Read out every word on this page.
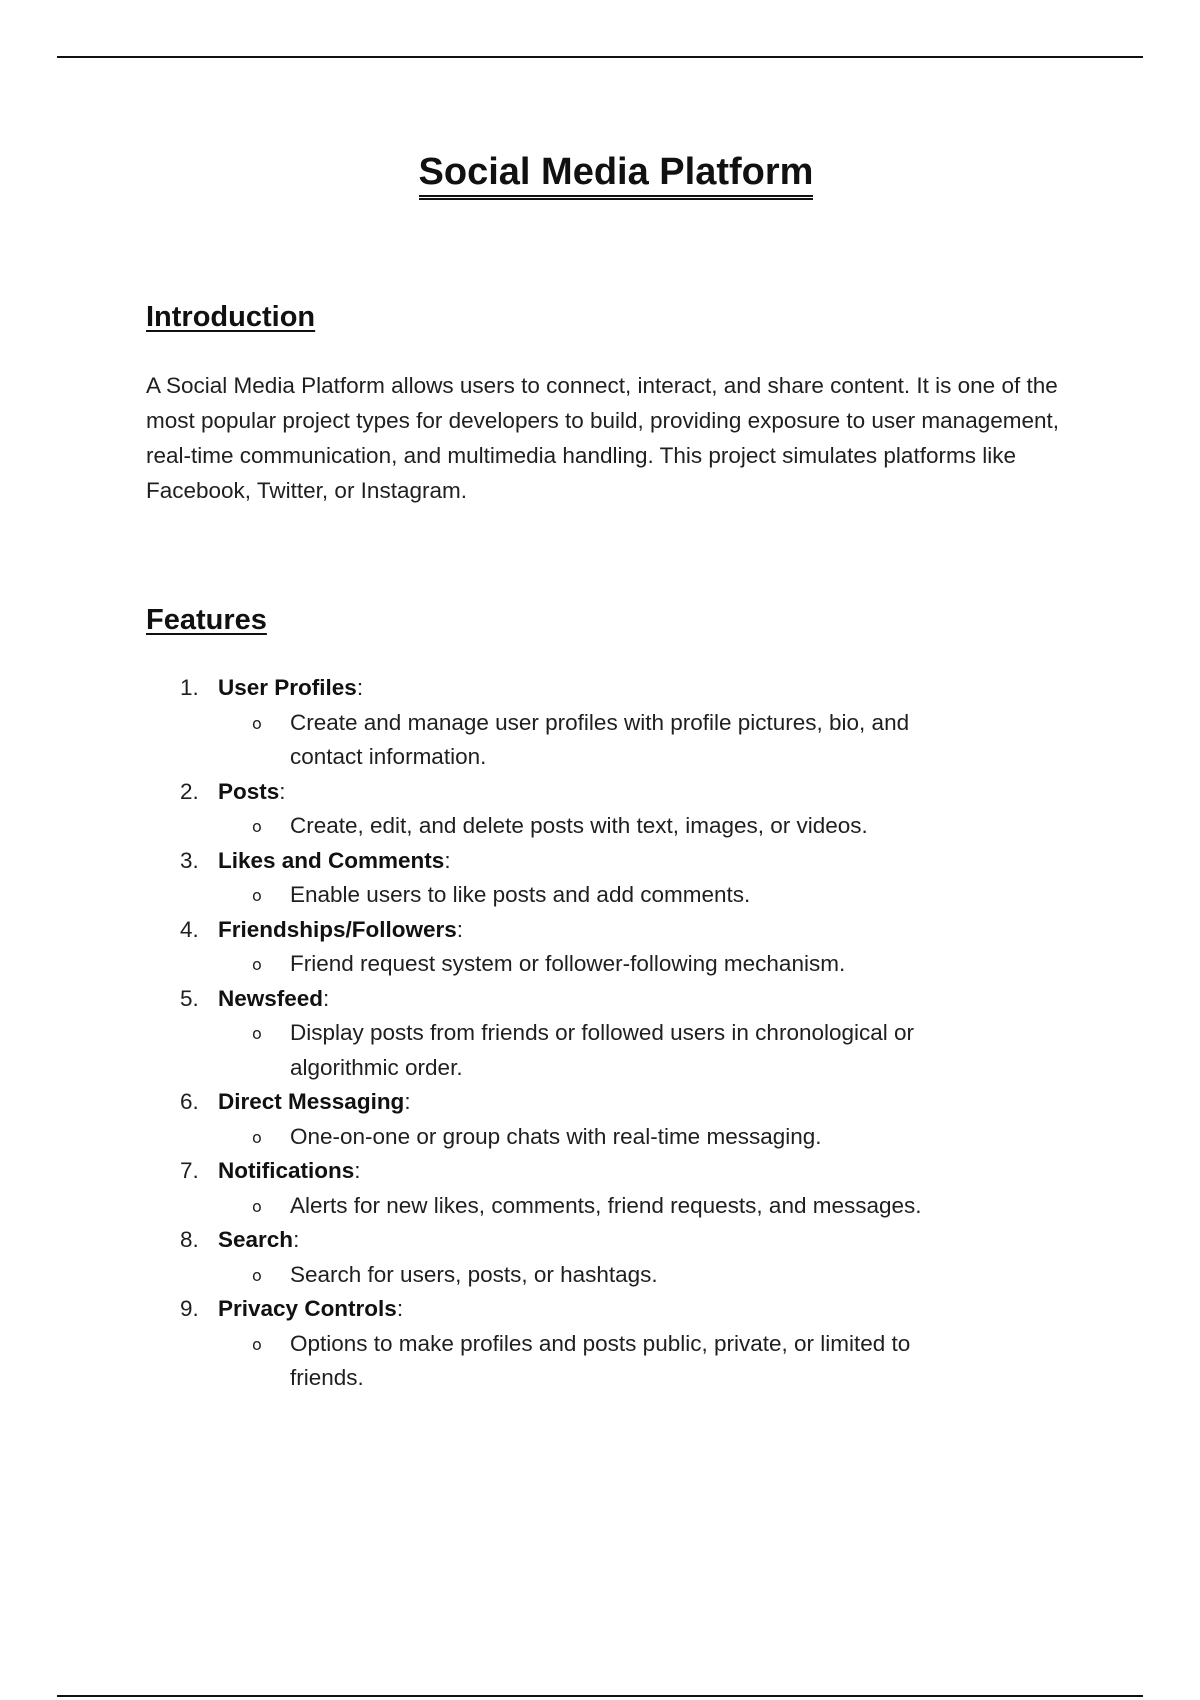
Social Media Platform
Introduction

A Social Media Platform allows users to connect, interact, and share content. It is one of the most popular project types for developers to build, providing exposure to user management, real-time communication, and multimedia handling. This project simulates platforms like Facebook, Twitter, or Instagram.

Features
1. User Profiles:
o Create and manage user profiles with profile pictures, bio, and contact information.
2. Posts:
o Create, edit, and delete posts with text, images, or videos.
3. Likes and Comments:
o Enable users to like posts and add comments.
4. Friendships/Followers:
o Friend request system or follower-following mechanism.
5. Newsfeed:
o Display posts from friends or followed users in chronological or algorithmic order.
6. Direct Messaging:
o One-on-one or group chats with real-time messaging.
7. Notifications:
o Alerts for new likes, comments, friend requests, and messages.
8. Search:
o Search for users, posts, or hashtags.
9. Privacy Controls:
o Options to make profiles and posts public, private, or limited to friends.
